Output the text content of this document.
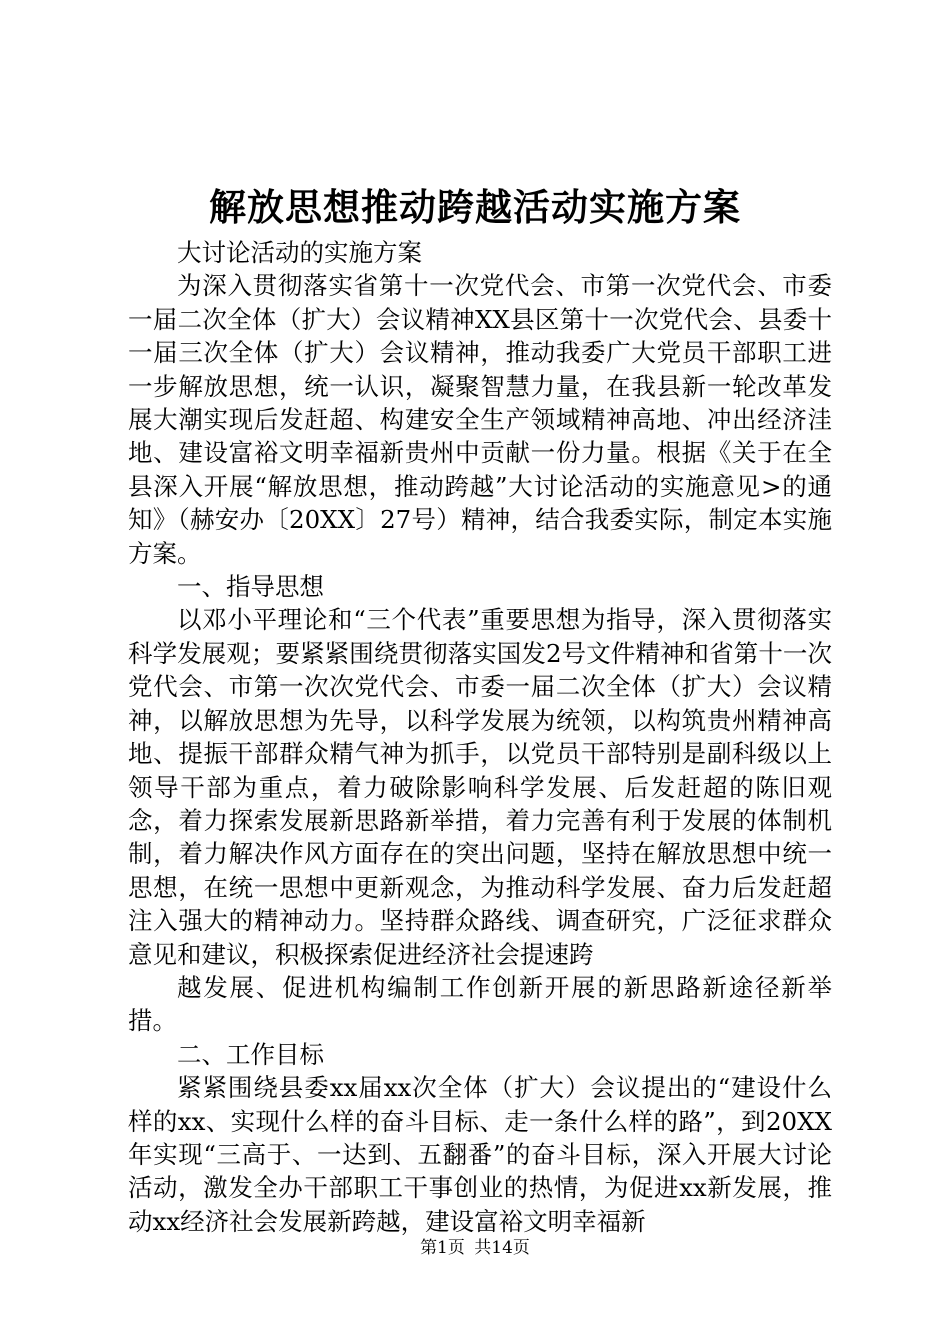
解放思想推动跨越活动实施方案

大讨论活动的实施方案

为深入贯彻落实省第十一次党代会、市第一次党代会、市委一届二次全体（扩大）会议精神XX县区第十一次党代会、县委十一届三次全体（扩大）会议精神，推动我委广大党员干部职工进一步解放思想，统一认识，凝聚智慧力量，在我县新一轮改革发展大潮实现后发赶超、构建安全生产领域精神高地、冲出经济洼地、建设富裕文明幸福新贵州中贡献一份力量。根据《关于在全县深入开展“解放思想，推动跨越”大讨论活动的实施意见>的通知》（赫安办〔20XX〕27号）精神，结合我委实际，制定本实施方案。

一、指导思想

以邓小平理论和“三个代表”重要思想为指导，深入贯彻落实科学发展观；要紧紧围绕贯彻落实国发2号文件精神和省第十一次党代会、市第一次次党代会、市委一届二次全体（扩大）会议精神，以解放思想为先导，以科学发展为统领，以构筑贵州精神高地、提振干部群众精气神为抓手，以党员干部特别是副科级以上领导干部为重点，着力破除影响科学发展、后发赶超的陈旧观念，着力探索发展新思路新举措，着力完善有利于发展的体制机制，着力解决作风方面存在的突出问题，坚持在解放思想中统一思想，在统一思想中更新观念，为推动科学发展、奋力后发赶超注入强大的精神动力。坚持群众路线、调查研究，广泛征求群众意见和建议，积极探索促进经济社会提速跨

越发展、促进机构编制工作创新开展的新思路新途径新举措。

二、工作目标

紧紧围绕县委xx届xx次全体（扩大）会议提出的“建设什么样的xx、实现什么样的奋斗目标、走一条什么样的路”，到20XX年实现“三高于、一达到、五翻番”的奋斗目标，深入开展大讨论活动，激发全办干部职工干事创业的热情，为促进xx新发展，推动xx经济社会发展新跨越，建设富裕文明幸福新

第1页 共14页
